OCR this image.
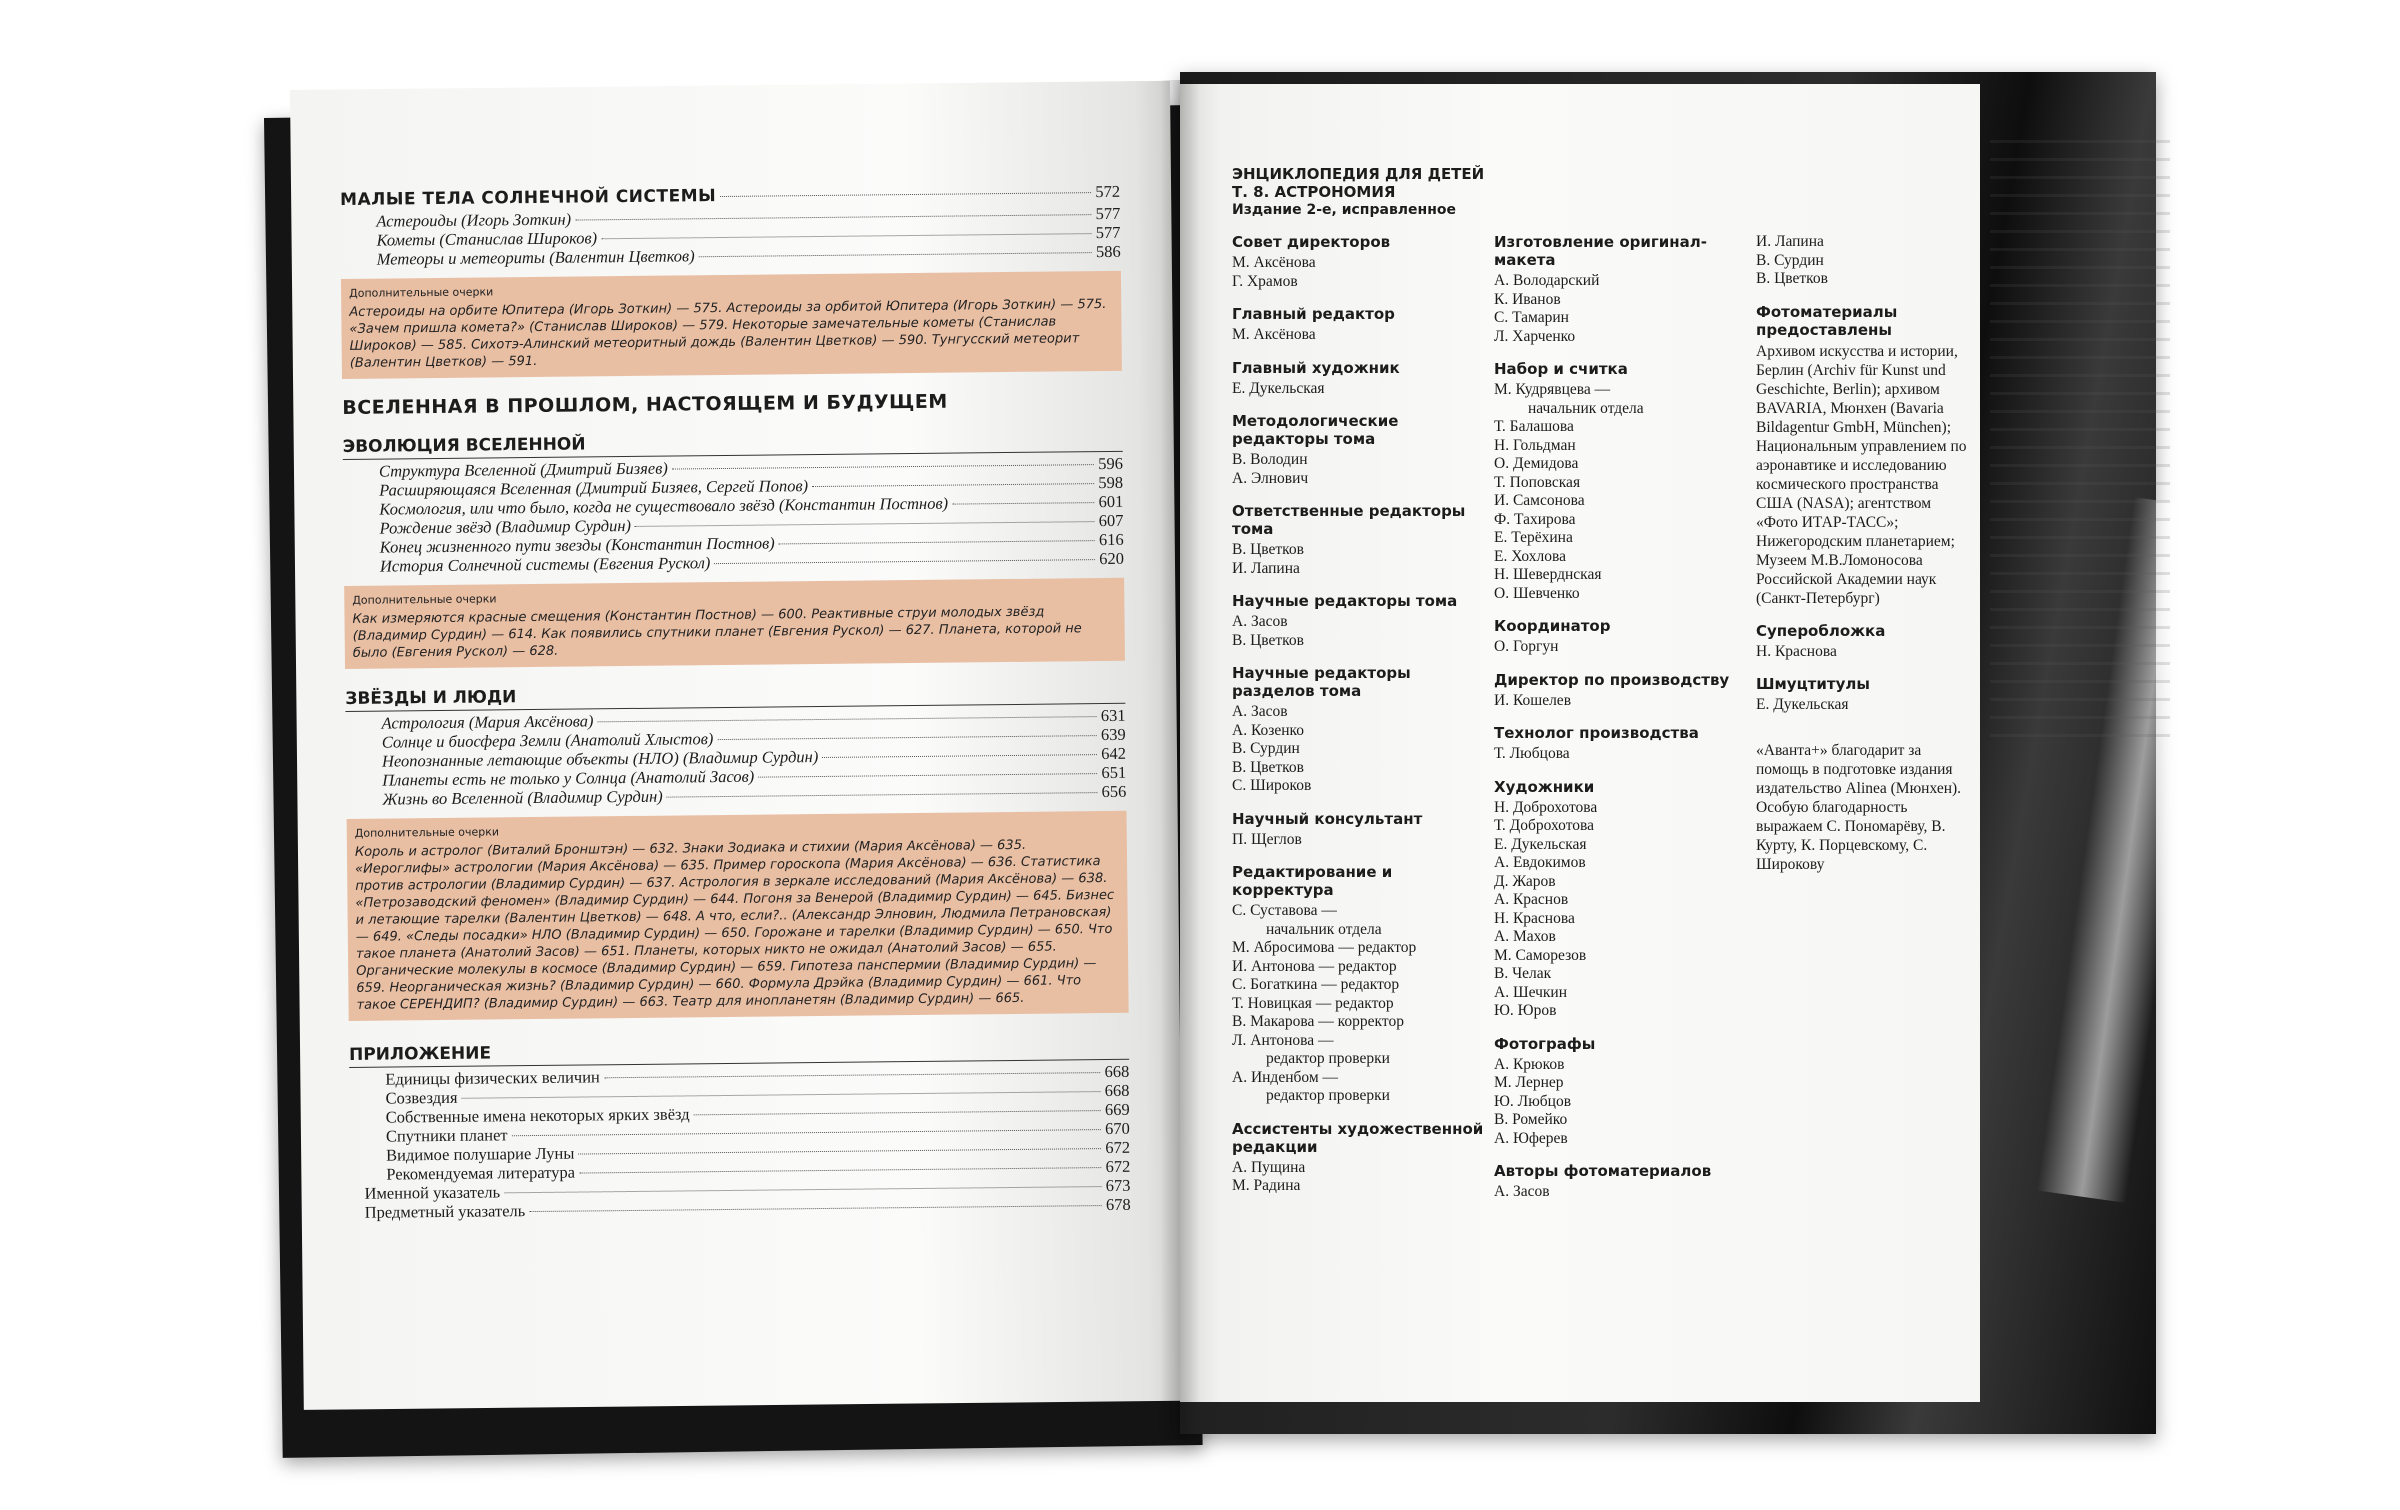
МАЛЫЕ ТЕЛА СОЛНЕЧНОЙ СИСТЕМЫ	572
Астероиды (Игорь Зоткин)	577
Кометы (Станислав Широков)	577
Метеоры и метеориты (Валентин Цветков)	586
Дополнительные очерки
Астероиды на орбите Юпитера (Игорь Зоткин) — 575. Астероиды за орбитой Юпитера (Игорь Зоткин) — 575. «Зачем пришла комета?» (Станислав Широков) — 579. Некоторые замечательные кометы (Станислав Широков) — 585. Сихотэ-Алинский метеоритный дождь (Валентин Цветков) — 590. Тунгусский метеорит (Валентин Цветков) — 591.
ВСЕЛЕННАЯ В ПРОШЛОМ, НАСТОЯЩЕМ И БУДУЩЕМ
ЭВОЛЮЦИЯ ВСЕЛЕННОЙ
Структура Вселенной (Дмитрий Бизяев)	596
Расширяющаяся Вселенная (Дмитрий Бизяев, Сергей Попов)	598
Космология, или что было, когда не существовало звёзд (Константин Постнов)	601
Рождение звёзд (Владимир Сурдин)	607
Конец жизненного пути звезды (Константин Постнов)	616
История Солнечной системы (Евгения Рускол)	620
Дополнительные очерки
Как измеряются красные смещения (Константин Постнов) — 600. Реактивные струи молодых звёзд (Владимир Сурдин) — 614. Как появились спутники планет (Евгения Рускол) — 627. Планета, которой не было (Евгения Рускол) — 628.
ЗВЁЗДЫ И ЛЮДИ
Астрология (Мария Аксёнова)	631
Солнце и биосфера Земли (Анатолий Хлыстов)	639
Неопознанные летающие объекты (НЛО) (Владимир Сурдин)	642
Планеты есть не только у Солнца (Анатолий Засов)	651
Жизнь во Вселенной (Владимир Сурдин)	656
Дополнительные очерки
Король и астролог (Виталий Бронштэн) — 632. Знаки Зодиака и стихии (Мария Аксёнова) — 635. «Иероглифы» астрологии (Мария Аксёнова) — 635. Пример гороскопа (Мария Аксёнова) — 636. Статистика против астрологии (Владимир Сурдин) — 637. Астрология в зеркале исследований (Мария Аксёнова) — 638. «Петрозаводский феномен» (Владимир Сурдин) — 644. Погоня за Венерой (Владимир Сурдин) — 645. Бизнес и летающие тарелки (Валентин Цветков) — 648. А что, если?.. (Александр Элновин, Людмила Петрановская) — 649. «Следы посадки» НЛО (Владимир Сурдин) — 650. Горожане и тарелки (Владимир Сурдин) — 650. Что такое планета (Анатолий Засов) — 651. Планеты, которых никто не ожидал (Анатолий Засов) — 655. Органические молекулы в космосе (Владимир Сурдин) — 659. Гипотеза панспермии (Владимир Сурдин) — 659. Неорганическая жизнь? (Владимир Сурдин) — 660. Формула Дрэйка (Владимир Сурдин) — 661. Что такое СЕРЕНДИП? (Владимир Сурдин) — 663. Театр для инопланетян (Владимир Сурдин) — 665.
ПРИЛОЖЕНИЕ
Единицы физических величин	668
Созвездия	668
Собственные имена некоторых ярких звёзд	669
Спутники планет	670
Видимое полушарие Луны	672
Рекомендуемая литература	672
Именной указатель	673
Предметный указатель	678
ЭНЦИКЛОПЕДИЯ ДЛЯ ДЕТЕЙ
Т. 8. АСТРОНОМИЯ
Издание 2-е, исправленное
Совет директоров
М. Аксёнова
Г. Храмов
Главный редактор
М. Аксёнова
Главный художник
Е. Дукельская
Методологические редакторы тома
В. Володин
А. Элнович
Ответственные редакторы тома
В. Цветков
И. Лапина
Научные редакторы тома
А. Засов
В. Цветков
Научные редакторы разделов тома
А. Засов
А. Козенко
В. Сурдин
В. Цветков
С. Широков
Научный консультант
П. Щеглов
Редактирование и корректура
С. Суставова —
начальник отдела
М. Абросимова — редактор
И. Антонова — редактор
С. Богаткина — редактор
Т. Новицкая — редактор
В. Макарова — корректор
Л. Антонова —
редактор проверки
А. Инденбом —
редактор проверки
Ассистенты художественной редакции
А. Пущина
М. Радина
Изготовление оригинал-макета
А. Володарский
К. Иванов
С. Тамарин
Л. Харченко
Набор и считка
М. Кудрявцева —
начальник отдела
Т. Балашова
Н. Гольдман
О. Демидова
Т. Поповская
И. Самсонова
Ф. Тахирова
Е. Терёхина
Е. Хохлова
Н. Шеверднская
О. Шевченко
Координатор
О. Горгун
Директор по производству
И. Кошелев
Технолог производства
Т. Любцова
Художники
Н. Доброхотова
Т. Доброхотова
Е. Дукельская
А. Евдокимов
Д. Жаров
А. Краснов
Н. Краснова
А. Махов
М. Саморезов
В. Челак
А. Шечкин
Ю. Юров
Фотографы
А. Крюков
М. Лернер
Ю. Любцов
В. Ромейко
А. Юферев
Авторы фотоматериалов
А. Засов
И. Лапина
В. Сурдин
В. Цветков
Фотоматериалы предоставлены
Архивом искусства и истории, Берлин (Archiv für Kunst und Geschichte, Berlin); архивом BAVARIA, Мюнхен (Bavaria Bildagentur GmbH, München); Национальным управлением по аэронавтике и исследованию космического пространства США (NASA); агентством «Фото ИТАР-ТАСС»; Нижегородским планетарием; Музеем М.В.Ломоносова Российской Академии наук (Санкт-Петербург)
Суперобложка
Н. Краснова
Шмуцтитулы
Е. Дукельская
«Аванта+» благодарит за помощь в подготовке издания издательство Alinea (Мюнхен). Особую благодарность выражаем С. Пономарёву, В. Курту, К. Порцевскому, С. Широкову
